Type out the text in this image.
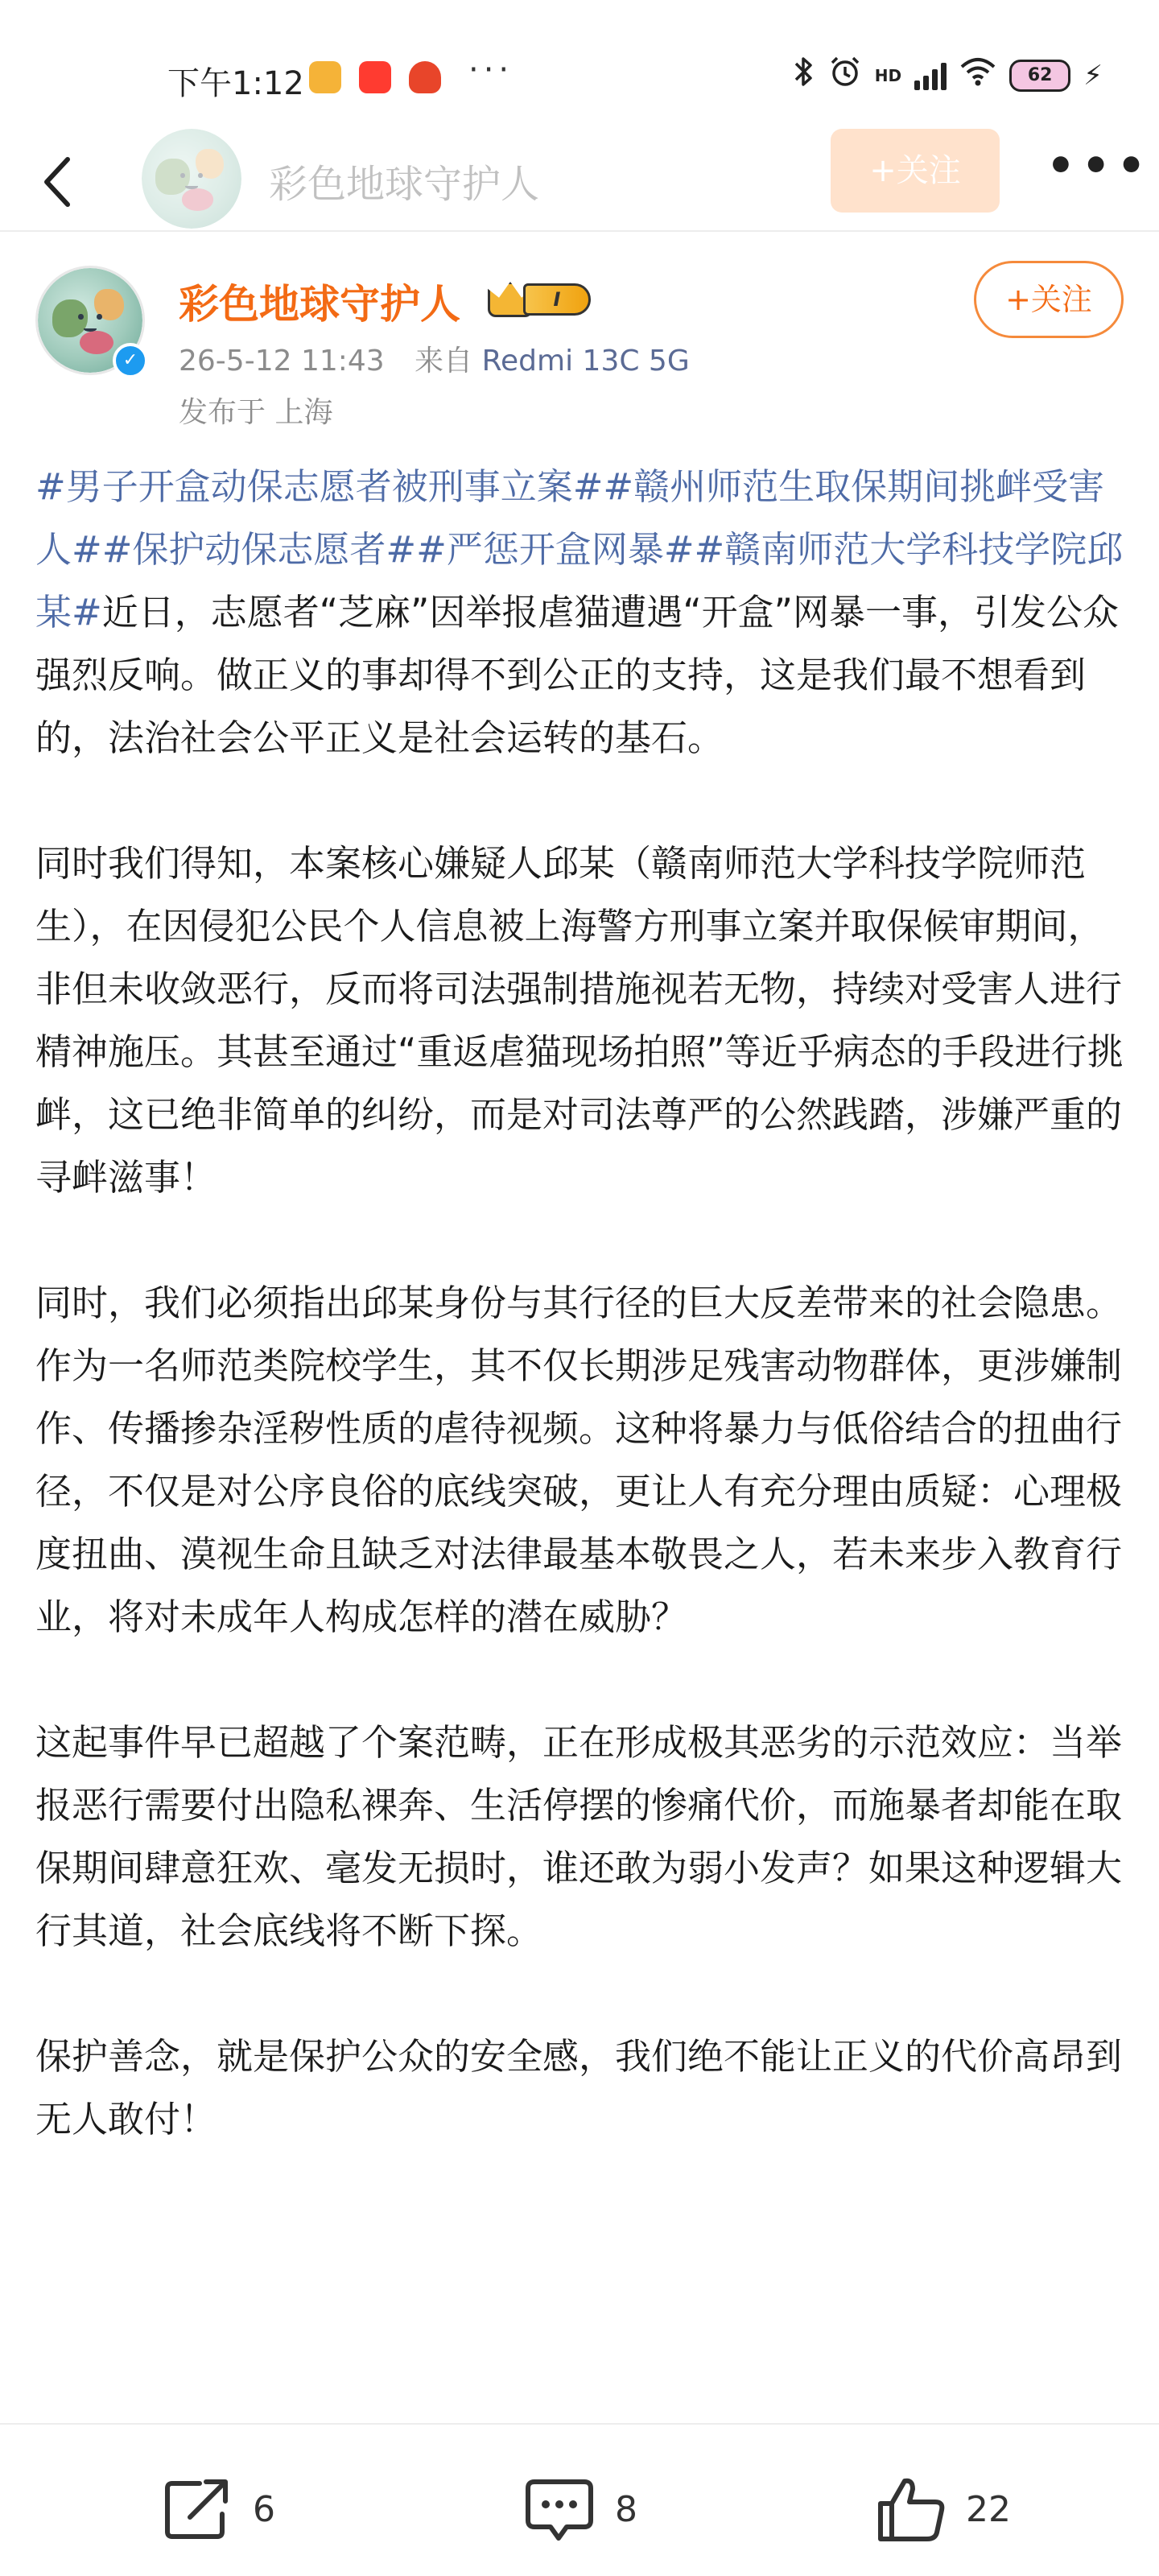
下午1:12	···	HD	62	⚡
彩色地球守护人	+关注	•••
✓
彩色地球守护人	I
26-5-12 11:43 来自 Redmi 13C 5G
发布于 上海
+关注

#男子开盒动保志愿者被刑事立案##赣州师范生取保期间挑衅受害人##保护动保志愿者##严惩开盒网暴##赣南师范大学科技学院邱某#近日，志愿者“芝麻”因举报虐猫遭遇“开盒”网暴一事，引发公众强烈反响。做正义的事却得不到公正的支持，这是我们最不想看到的，法治社会公平正义是社会运转的基石。

同时我们得知，本案核心嫌疑人邱某（赣南师范大学科技学院师范生），在因侵犯公民个人信息被上海警方刑事立案并取保候审期间，非但未收敛恶行，反而将司法强制措施视若无物，持续对受害人进行精神施压。其甚至通过“重返虐猫现场拍照”等近乎病态的手段进行挑衅，这已绝非简单的纠纷，而是对司法尊严的公然践踏，涉嫌严重的寻衅滋事！

同时，我们必须指出邱某身份与其行径的巨大反差带来的社会隐患。作为一名师范类院校学生，其不仅长期涉足残害动物群体，更涉嫌制作、传播掺杂淫秽性质的虐待视频。这种将暴力与低俗结合的扭曲行径，不仅是对公序良俗的底线突破，更让人有充分理由质疑：心理极度扭曲、漠视生命且缺乏对法律最基本敬畏之人，若未来步入教育行业，将对未成年人构成怎样的潜在威胁？

这起事件早已超越了个案范畴，正在形成极其恶劣的示范效应：当举报恶行需要付出隐私裸奔、生活停摆的惨痛代价，而施暴者却能在取保期间肆意狂欢、毫发无损时，谁还敢为弱小发声？如果这种逻辑大行其道，社会底线将不断下探。

保护善念，就是保护公众的安全感，我们绝不能让正义的代价高昂到无人敢付！

6	8	22
